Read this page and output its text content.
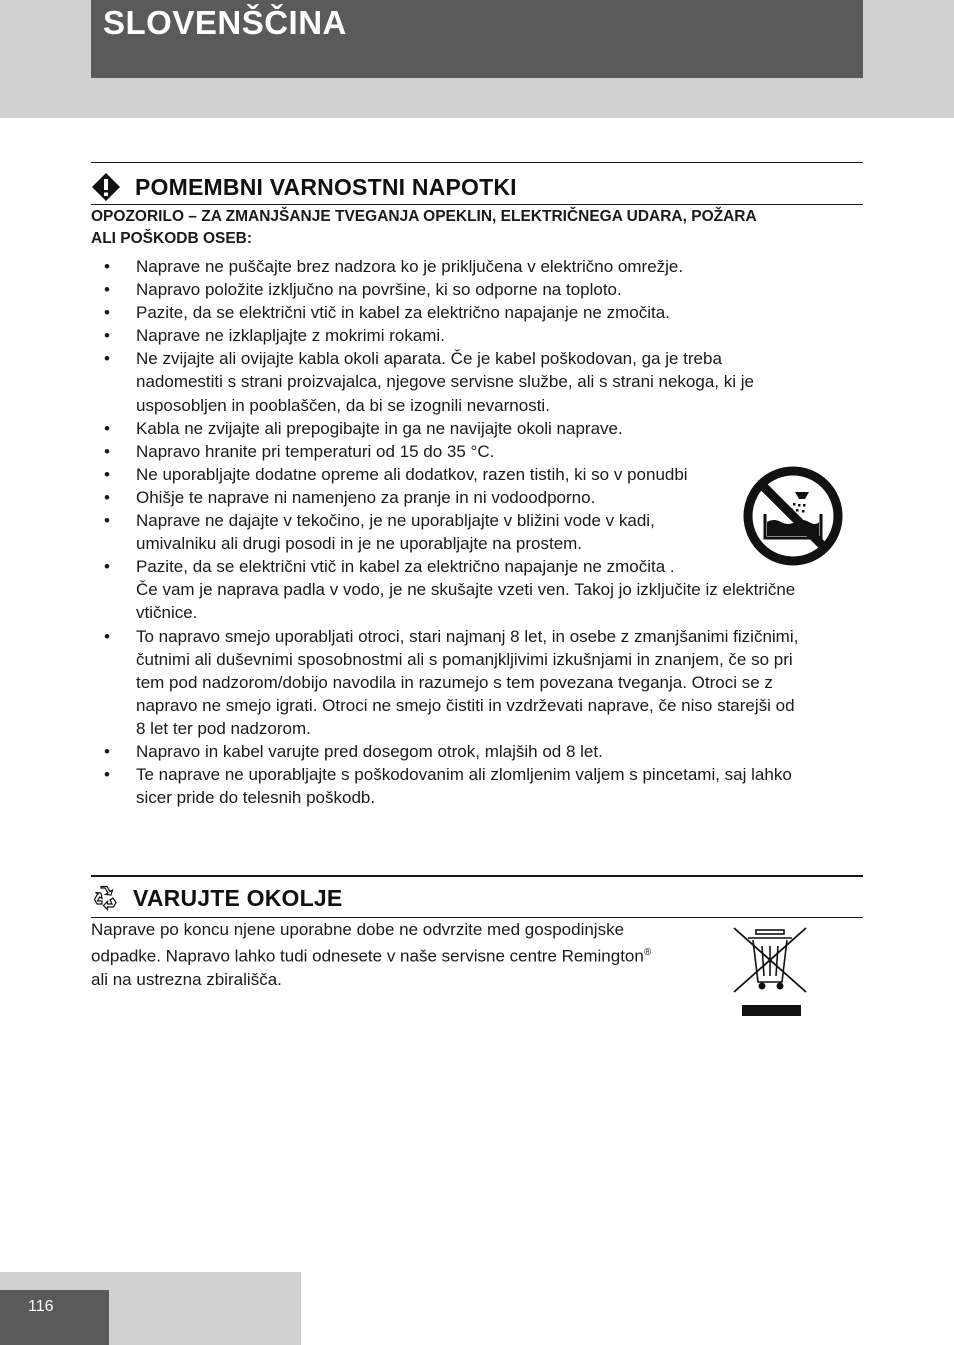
SLOVENŠČINA
POMEMBNI VARNOSTNI NAPOTKI
OPOZORILO – ZA ZMANJŠANJE TVEGANJA OPEKLIN, ELEKTRIČNEGA UDARA, POŽARA
ALI POŠKODB OSEB:
• Naprave ne puščajte brez nadzora ko je priključena v električno omrežje.
• Napravo položite izključno na površine, ki so odporne na toploto.
• Pazite, da se električni vtič in kabel za električno napajanje ne zmočita.
• Naprave ne izklapljajte z mokrimi rokami.
• Ne zvijajte ali ovijajte kabla okoli aparata. Če je kabel poškodovan, ga je treba
nadomestiti s strani proizvajalca, njegove servisne službe, ali s strani nekoga, ki je
usposobljen in pooblaščen, da bi se izognili nevarnosti.
• Kabla ne zvijajte ali prepogibajte in ga ne navijajte okoli naprave.
• Napravo hranite pri temperaturi od 15 do 35 °C.
• Ne uporabljajte dodatne opreme ali dodatkov, razen tistih, ki so v ponudbi
• Ohišje te naprave ni namenjeno za pranje in ni vodoodporno.
• Naprave ne dajajte v tekočino, je ne uporabljajte v bližini vode v kadi,
umivalniku ali drugi posodi in je ne uporabljajte na prostem.
• Pazite, da se električni vtič in kabel za električno napajanje ne zmočita .
Če vam je naprava padla v vodo, je ne skušajte vzeti ven. Takoj jo izključite iz električne
vtičnice.
• To napravo smejo uporabljati otroci, stari najmanj 8 let, in osebe z zmanjšanimi fizičnimi,
čutnimi ali duševnimi sposobnostmi ali s pomanjkljivimi izkušnjami in znanjem, če so pri
tem pod nadzorom/dobijo navodila in razumejo s tem povezana tveganja. Otroci se z
napravo ne smejo igrati. Otroci ne smejo čistiti in vzdrževati naprave, če niso starejši od
8 let ter pod nadzorom.
• Napravo in kabel varujte pred dosegom otrok, mlajših od 8 let.
• Te naprave ne uporabljajte s poškodovanim ali zlomljenim valjem s pincetami, saj lahko
sicer pride do telesnih poškodb.
VARUJTE OKOLJE
Naprave po koncu njene uporabne dobe ne odvrzite med gospodinjske
odpadke. Napravo lahko tudi odnesete v naše servisne centre Remington®
ali na ustrezna zbirališča.
116
